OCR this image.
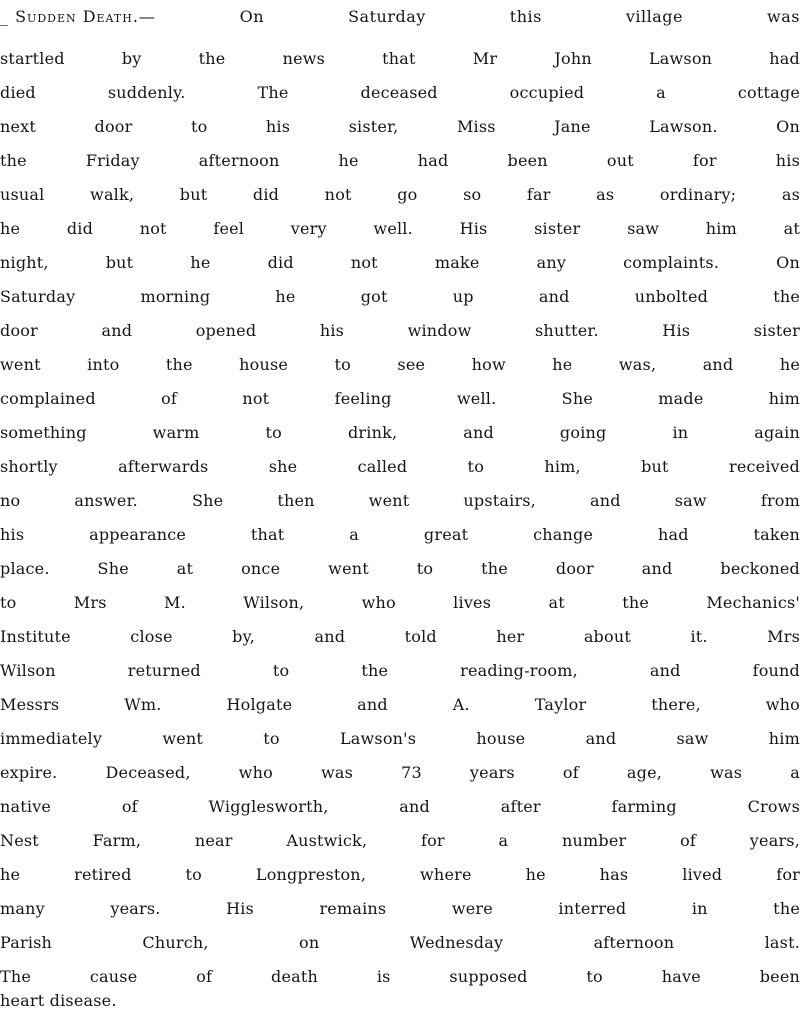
_ Sudden Death.—	On Saturday this village was
startled by the news that Mr John Lawson had
died suddenly. The deceased occupied a cottage
next door to his sister, Miss Jane Lawson. On
the Friday afternoon he had been out for his
usual walk, but did not go so far as ordinary; as
he did not feel very well. His sister saw him at
night, but he did not make any complaints. On
Saturday morning he got up and unbolted the
door and opened his window shutter. His sister
went into the house to see how he was, and he
complained of not feeling well. She made him
something warm to drink, and going in again
shortly afterwards she called to him, but received
no answer. She then went upstairs, and saw from
his appearance that a great change had taken
place. She at once went to the door and beckoned
to Mrs M. Wilson, who lives at the Mechanics'
Institute close by, and told her about it. Mrs
Wilson returned to the reading-room, and found
Messrs Wm. Holgate and A. Taylor there, who
immediately went to Lawson's house and saw him
expire. Deceased, who was 73 years of age, was a
native of Wigglesworth, and after farming Crows
Nest Farm, near Austwick, for a number of years,
he retired to Longpreston, where he has lived for
many years. His remains were interred in the
Parish Church, on Wednesday afternoon last.
The cause of death is supposed to have been
heart disease.
